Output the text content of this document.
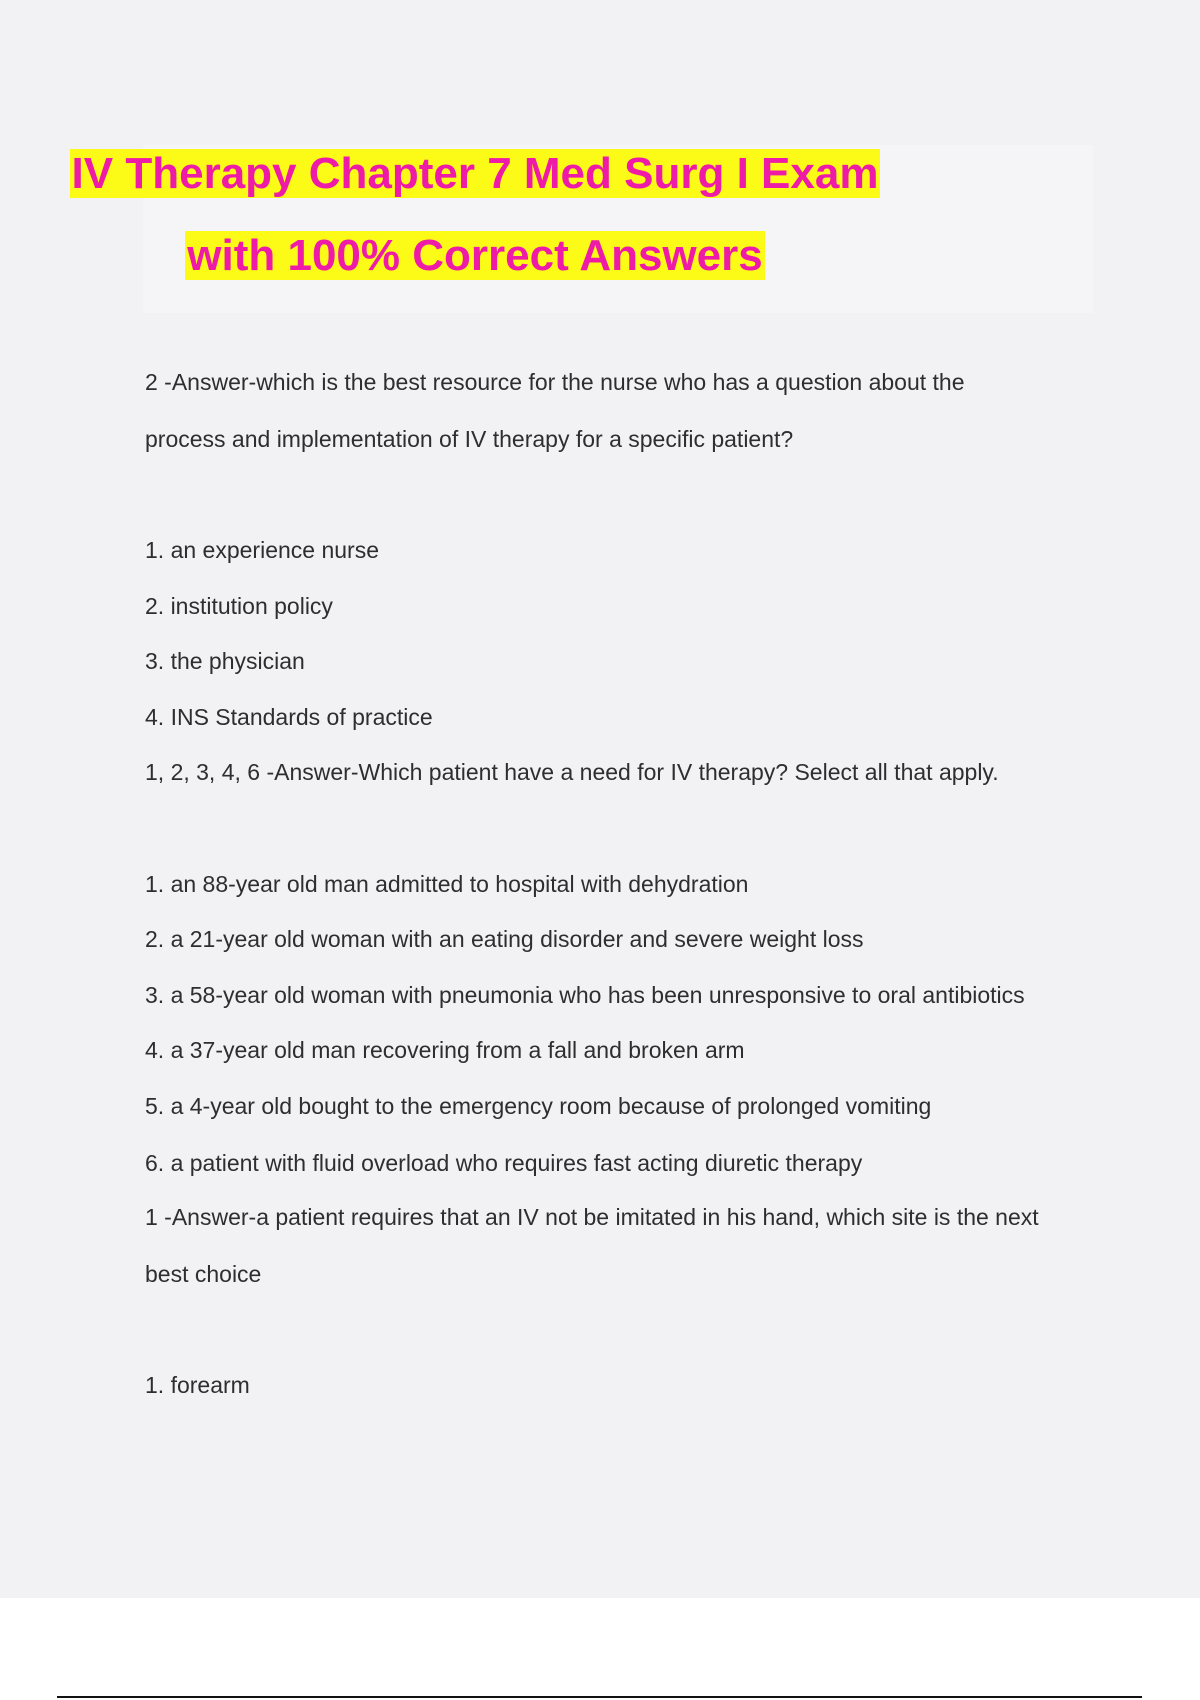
IV Therapy Chapter 7 Med Surg I Exam
with 100% Correct Answers
2 -Answer-which is the best resource for the nurse who has a question about the
process and implementation of IV therapy for a specific patient?
1. an experience nurse
2. institution policy
3. the physician
4. INS Standards of practice
1, 2, 3, 4, 6 -Answer-Which patient have a need for IV therapy? Select all that apply.
1. an 88-year old man admitted to hospital with dehydration
2. a 21-year old woman with an eating disorder and severe weight loss
3. a 58-year old woman with pneumonia who has been unresponsive to oral antibiotics
4. a 37-year old man recovering from a fall and broken arm
5. a 4-year old bought to the emergency room because of prolonged vomiting
6. a patient with fluid overload who requires fast acting diuretic therapy
1 -Answer-a patient requires that an IV not be imitated in his hand, which site is the next
best choice
1. forearm
